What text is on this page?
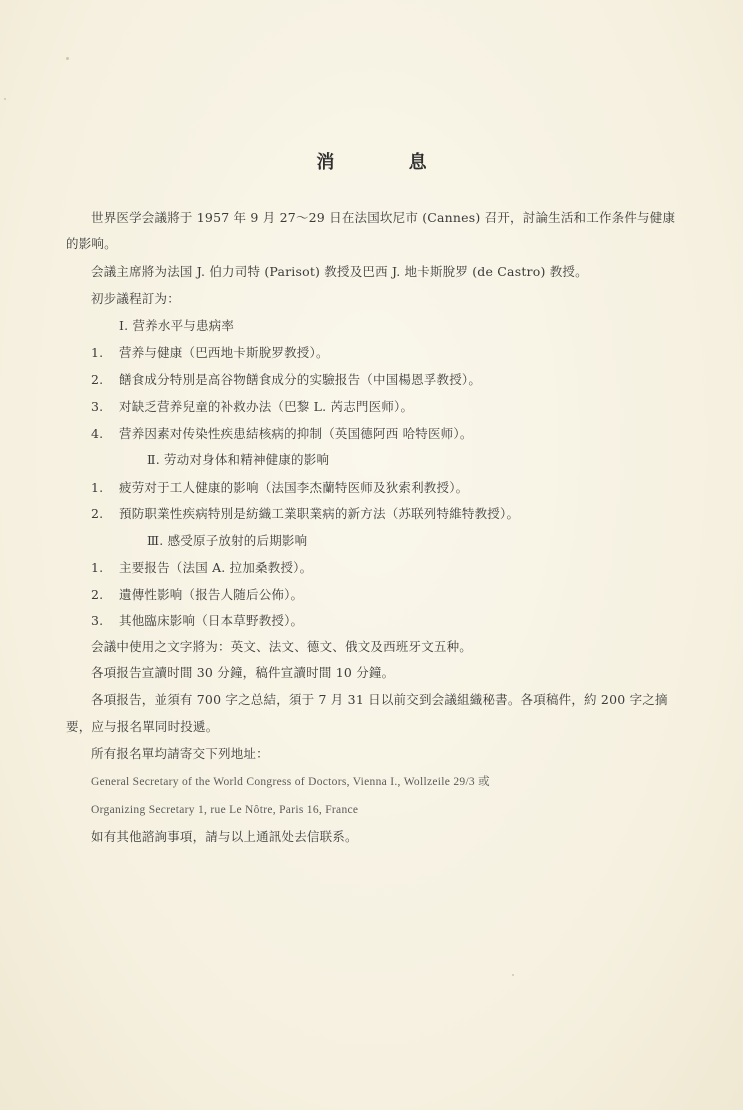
消 息
世界医学会議將于 1957 年 9 月 27～29 日在法国坎尼市 (Cannes) 召开，討論生活和工作条件与健康
的影响。
会議主席將为法国 J. 伯力司特 (Parisot) 教授及巴西 J. 地卡斯脫罗 (de Castro) 教授。
初步議程訂为：
Ⅰ. 营养水平与患病率
1. 营养与健康（巴西地卡斯脫罗教授）。
2. 饍食成分特別是高谷物饍食成分的实驗报告（中国楊恩孚教授）。
3. 对缺乏营养兒童的补救办法（巴黎 L. 芮志門医师）。
4. 营养因素对传染性疾患結核病的抑制（英国德阿西 哈特医师）。
Ⅱ. 劳动对身体和精神健康的影响
1. 疲劳对于工人健康的影响（法国李杰蘭特医师及狄索利教授）。
2. 預防职業性疾病特別是紡織工業职業病的新方法（苏联列特維特教授）。
Ⅲ. 感受原子放射的后期影响
1. 主要报告（法国 A. 拉加桑教授）。
2. 遺傳性影响（报告人随后公佈）。
3. 其他臨床影响（日本草野教授）。
会議中使用之文字將为：英文、法文、德文、俄文及西班牙文五种。
各項报告宣讀时間 30 分鐘，稿件宣讀时間 10 分鐘。
各項报告，並須有 700 字之总結，須于 7 月 31 日以前交到会議組織秘書。各項稿件，約 200 字之摘
要，应与报名單同时投遞。
所有报名單均請寄交下列地址：
General Secretary of the World Congress of Doctors, Vienna I., Wollzeile 29/3 或
Organizing Secretary 1, rue Le Nôtre, Paris 16, France
如有其他諮詢事項，請与以上通訊处去信联系。
